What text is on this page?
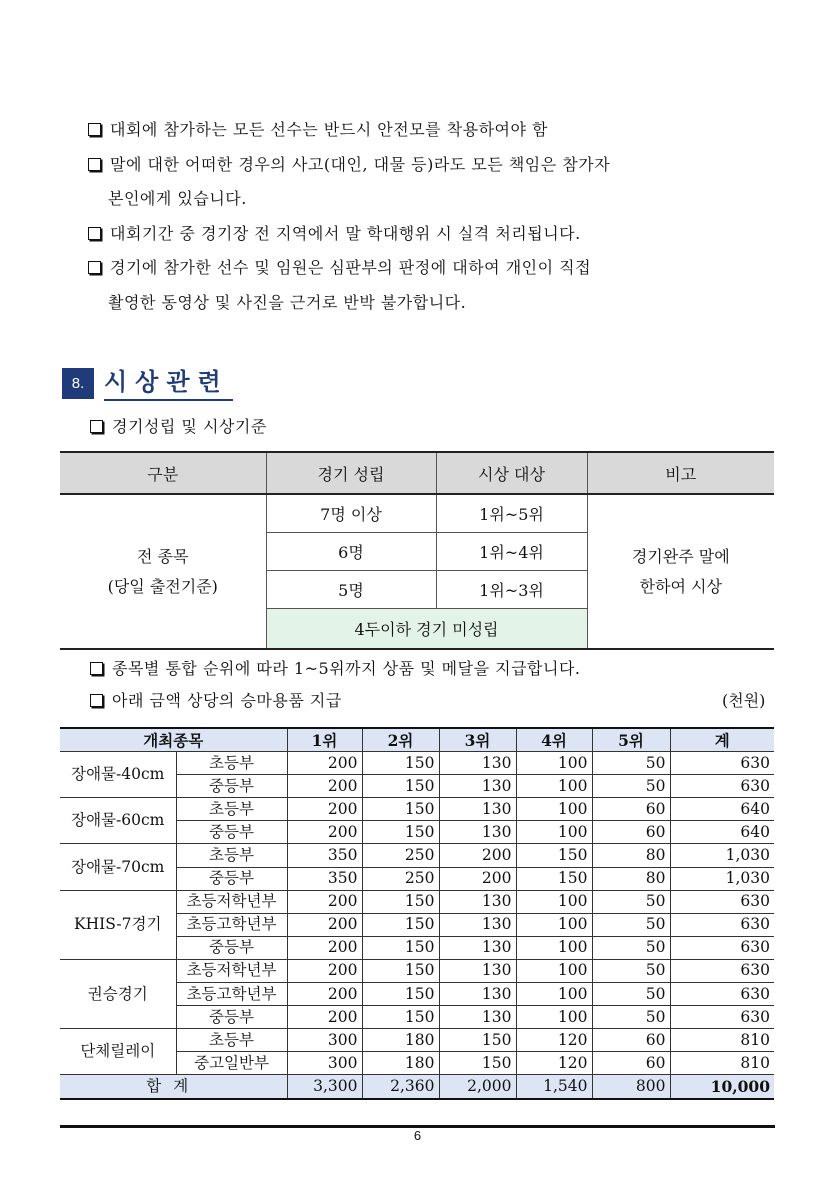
대회에 참가하는 모든 선수는 반드시 안전모를 착용하여야 함
말에 대한 어떠한 경우의 사고(대인, 대물 등)라도 모든 책임은 참가자
본인에게 있습니다.
대회기간 중 경기장 전 지역에서 말 학대행위 시 실격 처리됩니다.
경기에 참가한 선수 및 임원은 심판부의 판정에 대하여 개인이 직접
촬영한 동영상 및 사진을 근거로 반박 불가합니다.
8. 시상관련
경기성립 및 시상기준
구분	경기 성립	시상 대상	비고
전 종목
(당일 출전기준)	7명 이상	1위~5위	경기완주 말에
한하여 시상
	6명	1위~4위	
	5명	1위~3위	
	4두이하 경기 미성립		
종목별 통합 순위에 따라 1~5위까지 상품 및 메달을 지급합니다.
아래 금액 상당의 승마용품 지급	(천원)
개최종목		1위	2위	3위	4위	5위	계
장애물-40cm	초등부	200	150	130	100	50	630
	중등부	200	150	130	100	50	630
장애물-60cm	초등부	200	150	130	100	60	640
	중등부	200	150	130	100	60	640
장애물-70cm	초등부	350	250	200	150	80	1,030
	중등부	350	250	200	150	80	1,030
KHIS-7경기	초등저학년부	200	150	130	100	50	630
	초등고학년부	200	150	130	100	50	630
	중등부	200	150	130	100	50	630
권승경기	초등저학년부	200	150	130	100	50	630
	초등고학년부	200	150	130	100	50	630
	중등부	200	150	130	100	50	630
단체릴레이	초등부	300	180	150	120	60	810
	중고일반부	300	180	150	120	60	810
합계		3,300	2,360	2,000	1,540	800	10,000
6
